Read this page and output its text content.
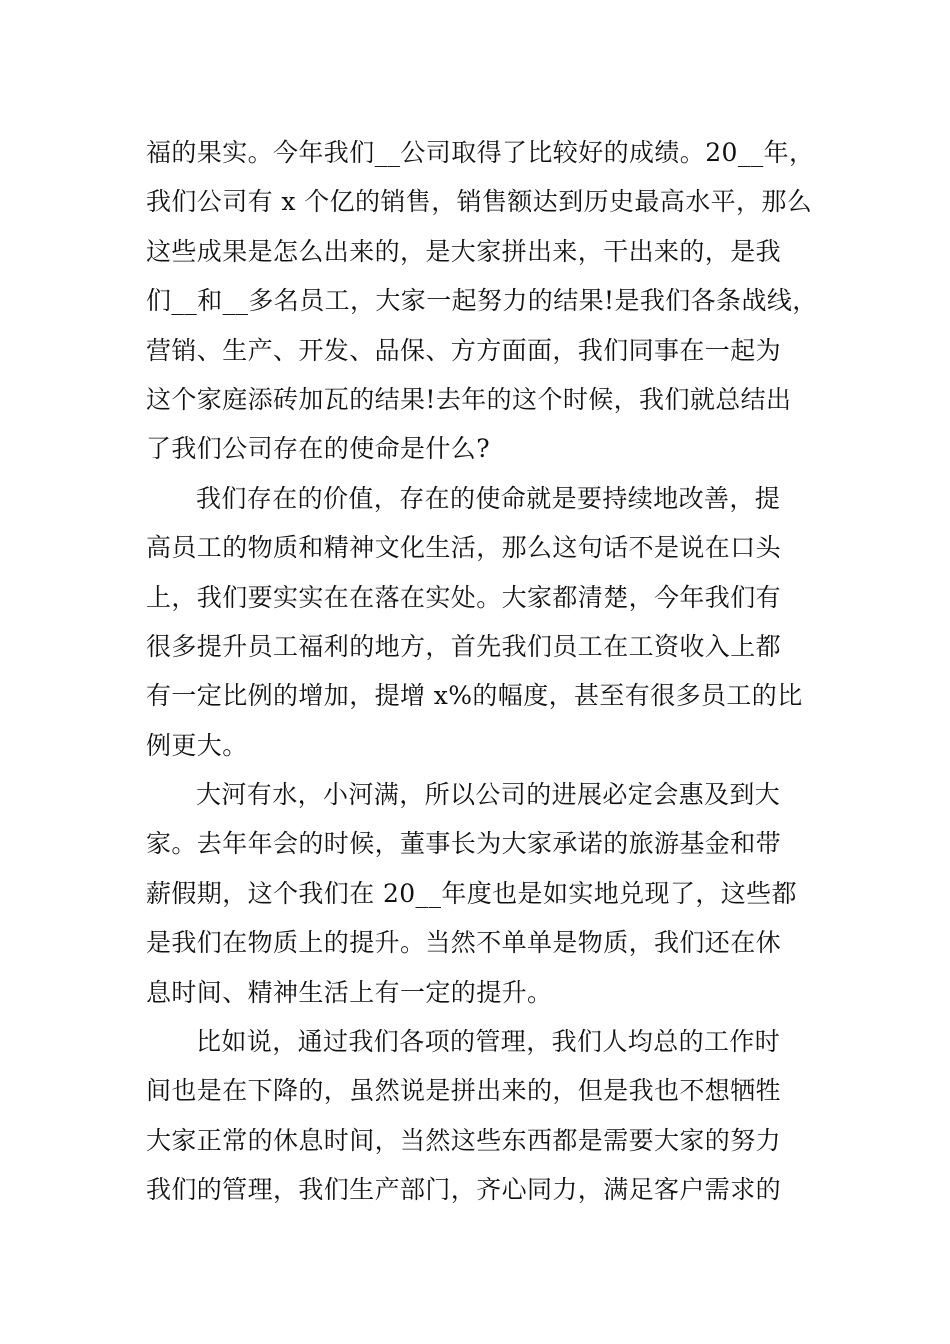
福的果实。今年我们__公司取得了比较好的成绩。20__年，
我们公司有 x 个亿的销售，销售额达到历史最高水平，那么
这些成果是怎么出来的，是大家拼出来，干出来的，是我
们__和__多名员工，大家一起努力的结果!是我们各条战线，
营销、生产、开发、品保、方方面面，我们同事在一起为
这个家庭添砖加瓦的结果!去年的这个时候，我们就总结出
了我们公司存在的使命是什么?
我们存在的价值，存在的使命就是要持续地改善，提
高员工的物质和精神文化生活，那么这句话不是说在口头
上，我们要实实在在落在实处。大家都清楚，今年我们有
很多提升员工福利的地方，首先我们员工在工资收入上都
有一定比例的增加，提增 x%的幅度，甚至有很多员工的比
例更大。
大河有水，小河满，所以公司的进展必定会惠及到大
家。去年年会的时候，董事长为大家承诺的旅游基金和带
薪假期，这个我们在 20__年度也是如实地兑现了，这些都
是我们在物质上的提升。当然不单单是物质，我们还在休
息时间、精神生活上有一定的提升。
比如说，通过我们各项的管理，我们人均总的工作时
间也是在下降的，虽然说是拼出来的，但是我也不想牺牲
大家正常的休息时间，当然这些东西都是需要大家的努力
我们的管理，我们生产部门，齐心同力，满足客户需求的
